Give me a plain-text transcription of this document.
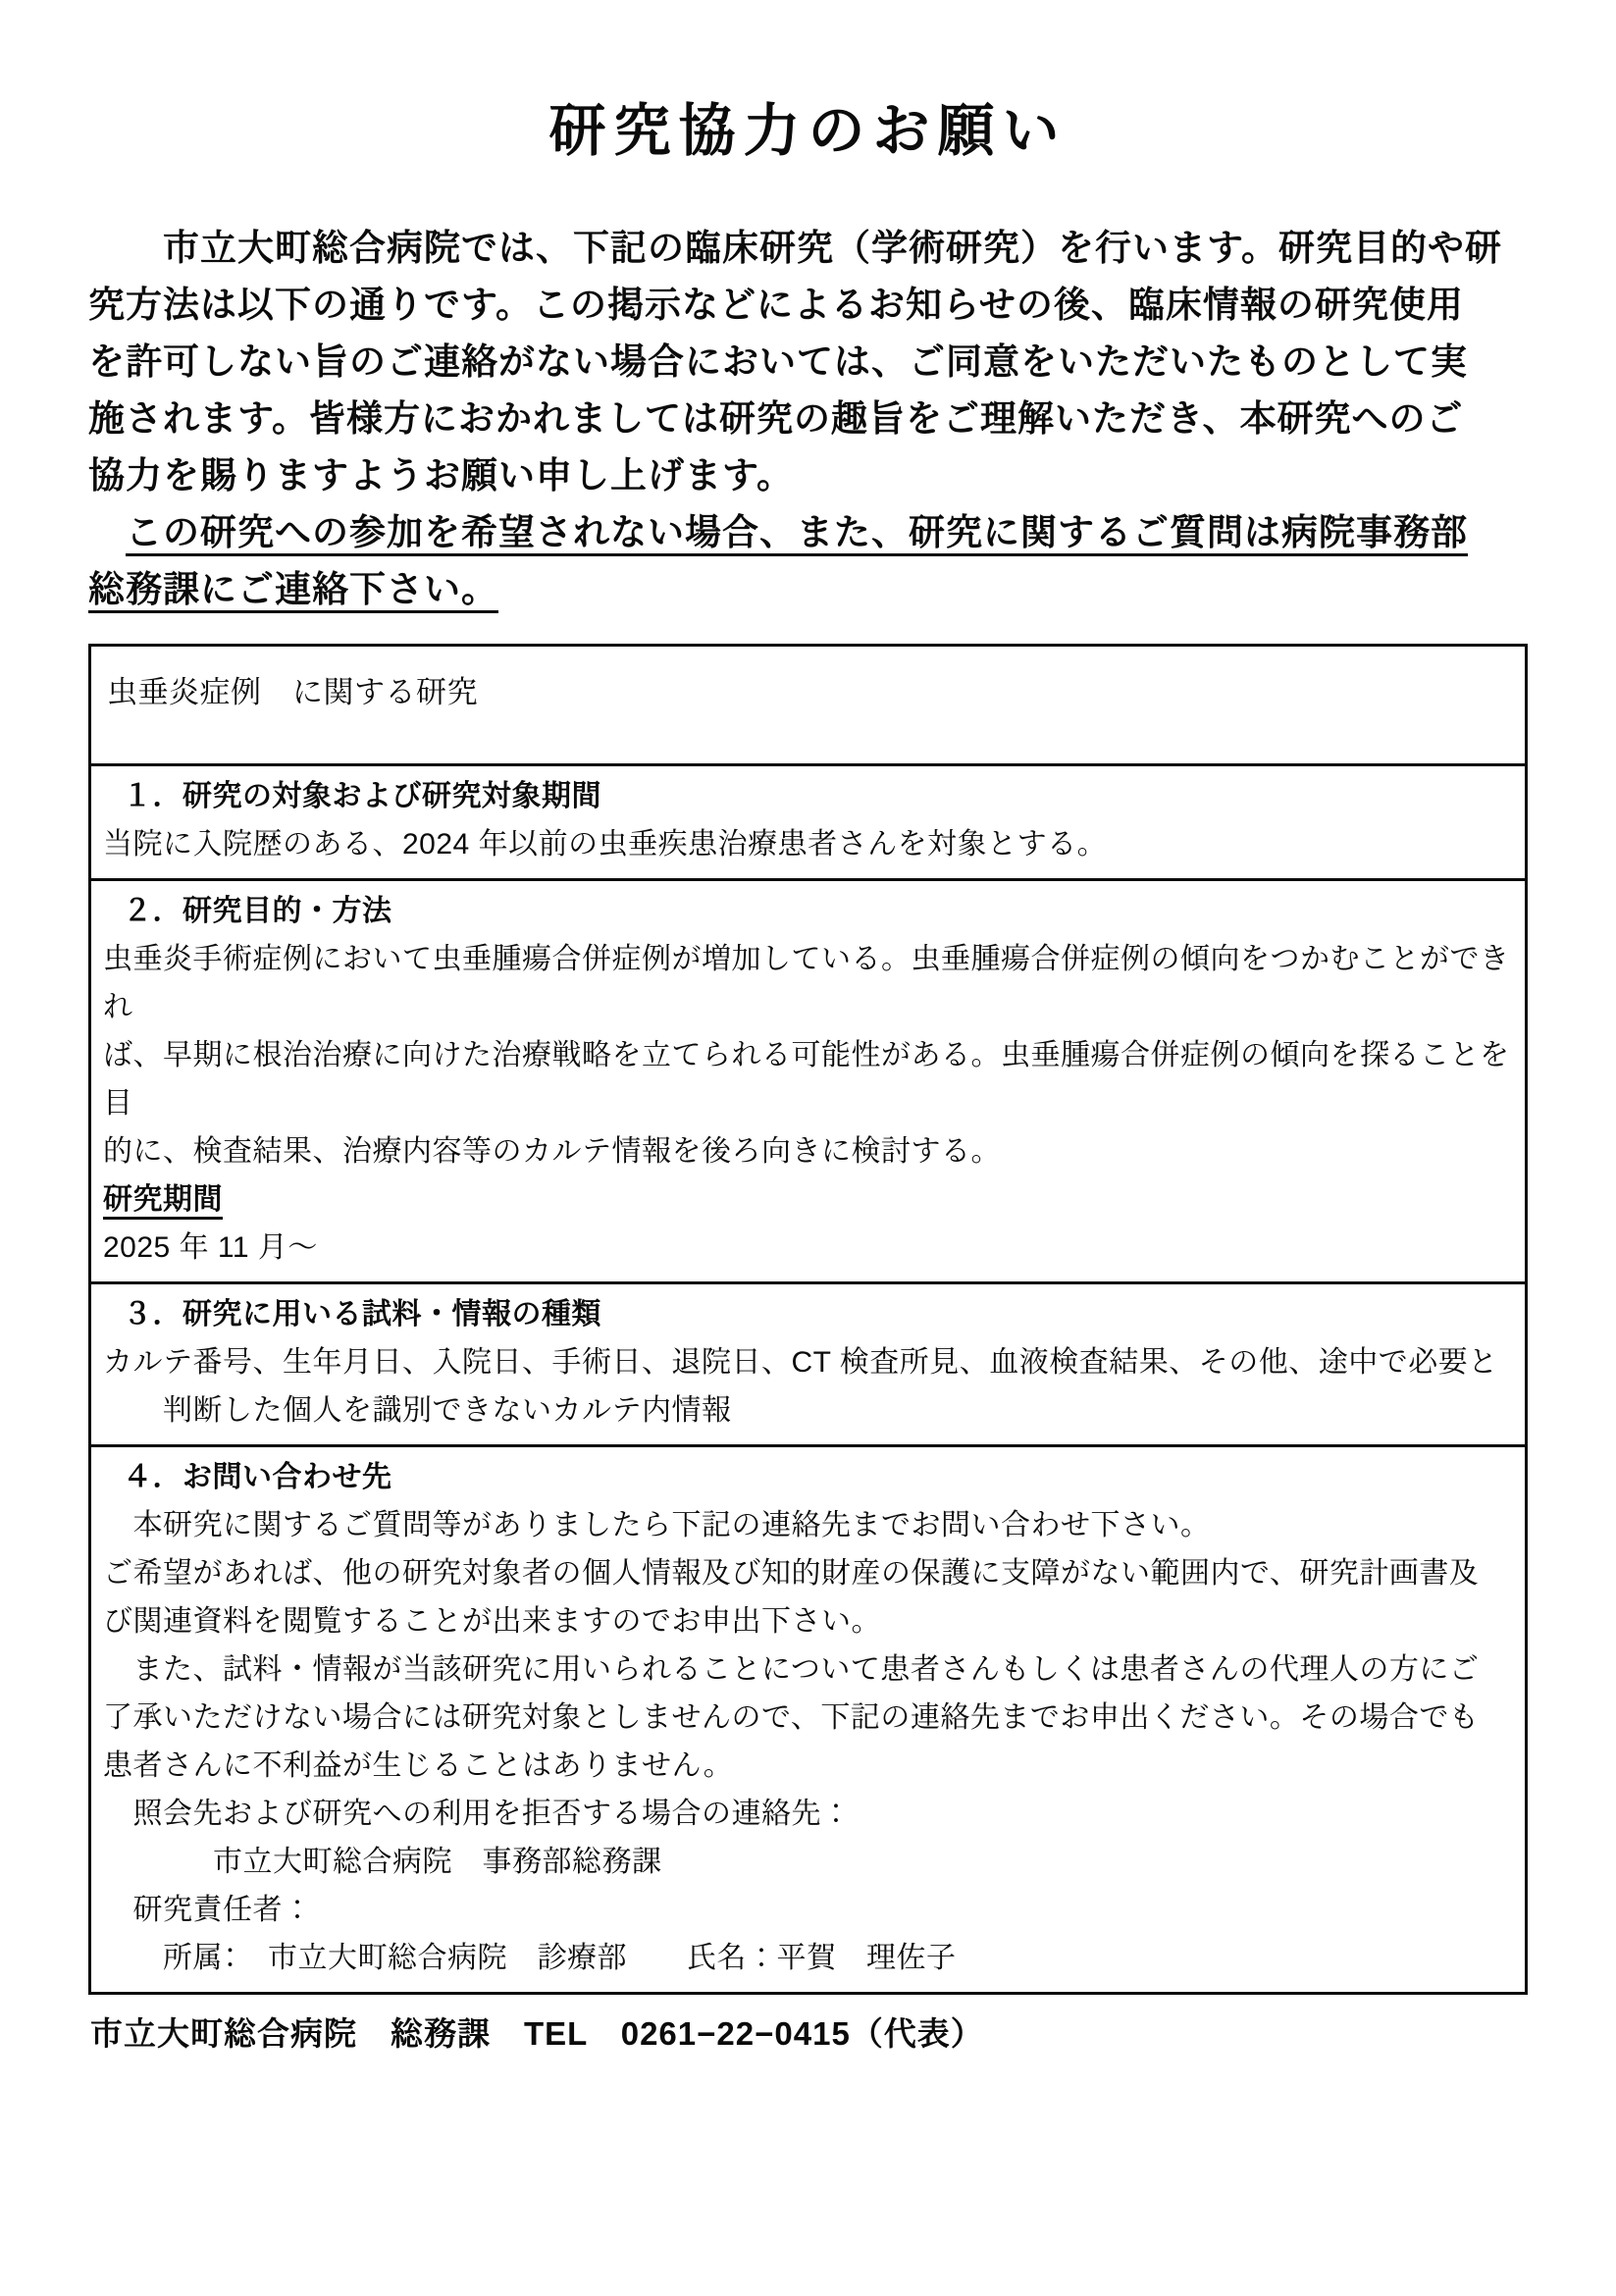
研究協力のお願い
　　市立大町総合病院では、下記の臨床研究（学術研究）を行います。研究目的や研
究方法は以下の通りです。この掲示などによるお知らせの後、臨床情報の研究使用
を許可しない旨のご連絡がない場合においては、ご同意をいただいたものとして実
施されます。皆様方におかれましては研究の趣旨をご理解いただき、本研究へのご
協力を賜りますようお願い申し上げます。
　この研究への参加を希望されない場合、また、研究に関するご質問は病院事務部
総務課にご連絡下さい。
虫垂炎症例　に関する研究
１．研究の対象および研究対象期間
当院に入院歴のある、2024 年以前の虫垂疾患治療患者さんを対象とする。
２．研究目的・方法
虫垂炎手術症例において虫垂腫瘍合併症例が増加している。虫垂腫瘍合併症例の傾向をつかむことができれ
ば、早期に根治治療に向けた治療戦略を立てられる可能性がある。虫垂腫瘍合併症例の傾向を探ることを目
的に、検査結果、治療内容等のカルテ情報を後ろ向きに検討する。
研究期間
2025 年 11 月～
３．研究に用いる試料・情報の種類
カルテ番号、生年月日、入院日、手術日、退院日、CT 検査所見、血液検査結果、その他、途中で必要と
　　判断した個人を識別できないカルテ内情報
４．お問い合わせ先
　本研究に関するご質問等がありましたら下記の連絡先までお問い合わせ下さい。
ご希望があれば、他の研究対象者の個人情報及び知的財産の保護に支障がない範囲内で、研究計画書及
び関連資料を閲覧することが出来ますのでお申出下さい。
　また、試料・情報が当該研究に用いられることについて患者さんもしくは患者さんの代理人の方にご
了承いただけない場合には研究対象としませんので、下記の連絡先までお申出ください。その場合でも
患者さんに不利益が生じることはありません。
　照会先および研究への利用を拒否する場合の連絡先：
市立大町総合病院　事務部総務課
　研究責任者：
　　所属：　市立大町総合病院　診療部　　氏名：平賀　理佐子
市立大町総合病院　総務課　TEL　0261−22−0415（代表）
